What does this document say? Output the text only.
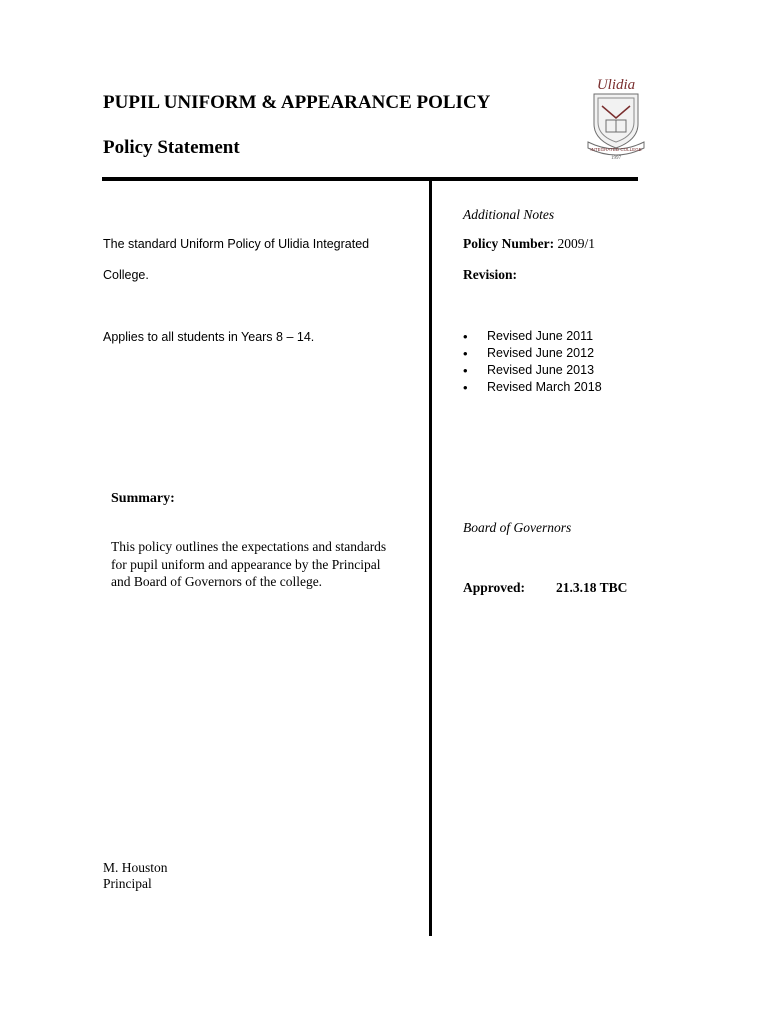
PUPIL UNIFORM & APPEARANCE POLICY
Policy Statement
Ulidia
INTEGRATED COLLEGE
1997
The standard Uniform Policy of Ulidia Integrated
College.
Applies to all students in Years 8 – 14.
Summary:
This policy outlines the expectations and standards
for pupil uniform and appearance by the Principal
and Board of Governors of the college.
M. Houston
Principal
Additional Notes
Policy Number: 2009/1
Revision:
• Revised June 2011
• Revised June 2012
• Revised June 2013
• Revised March 2018
Board of Governors
Approved: 21.3.18 TBC
